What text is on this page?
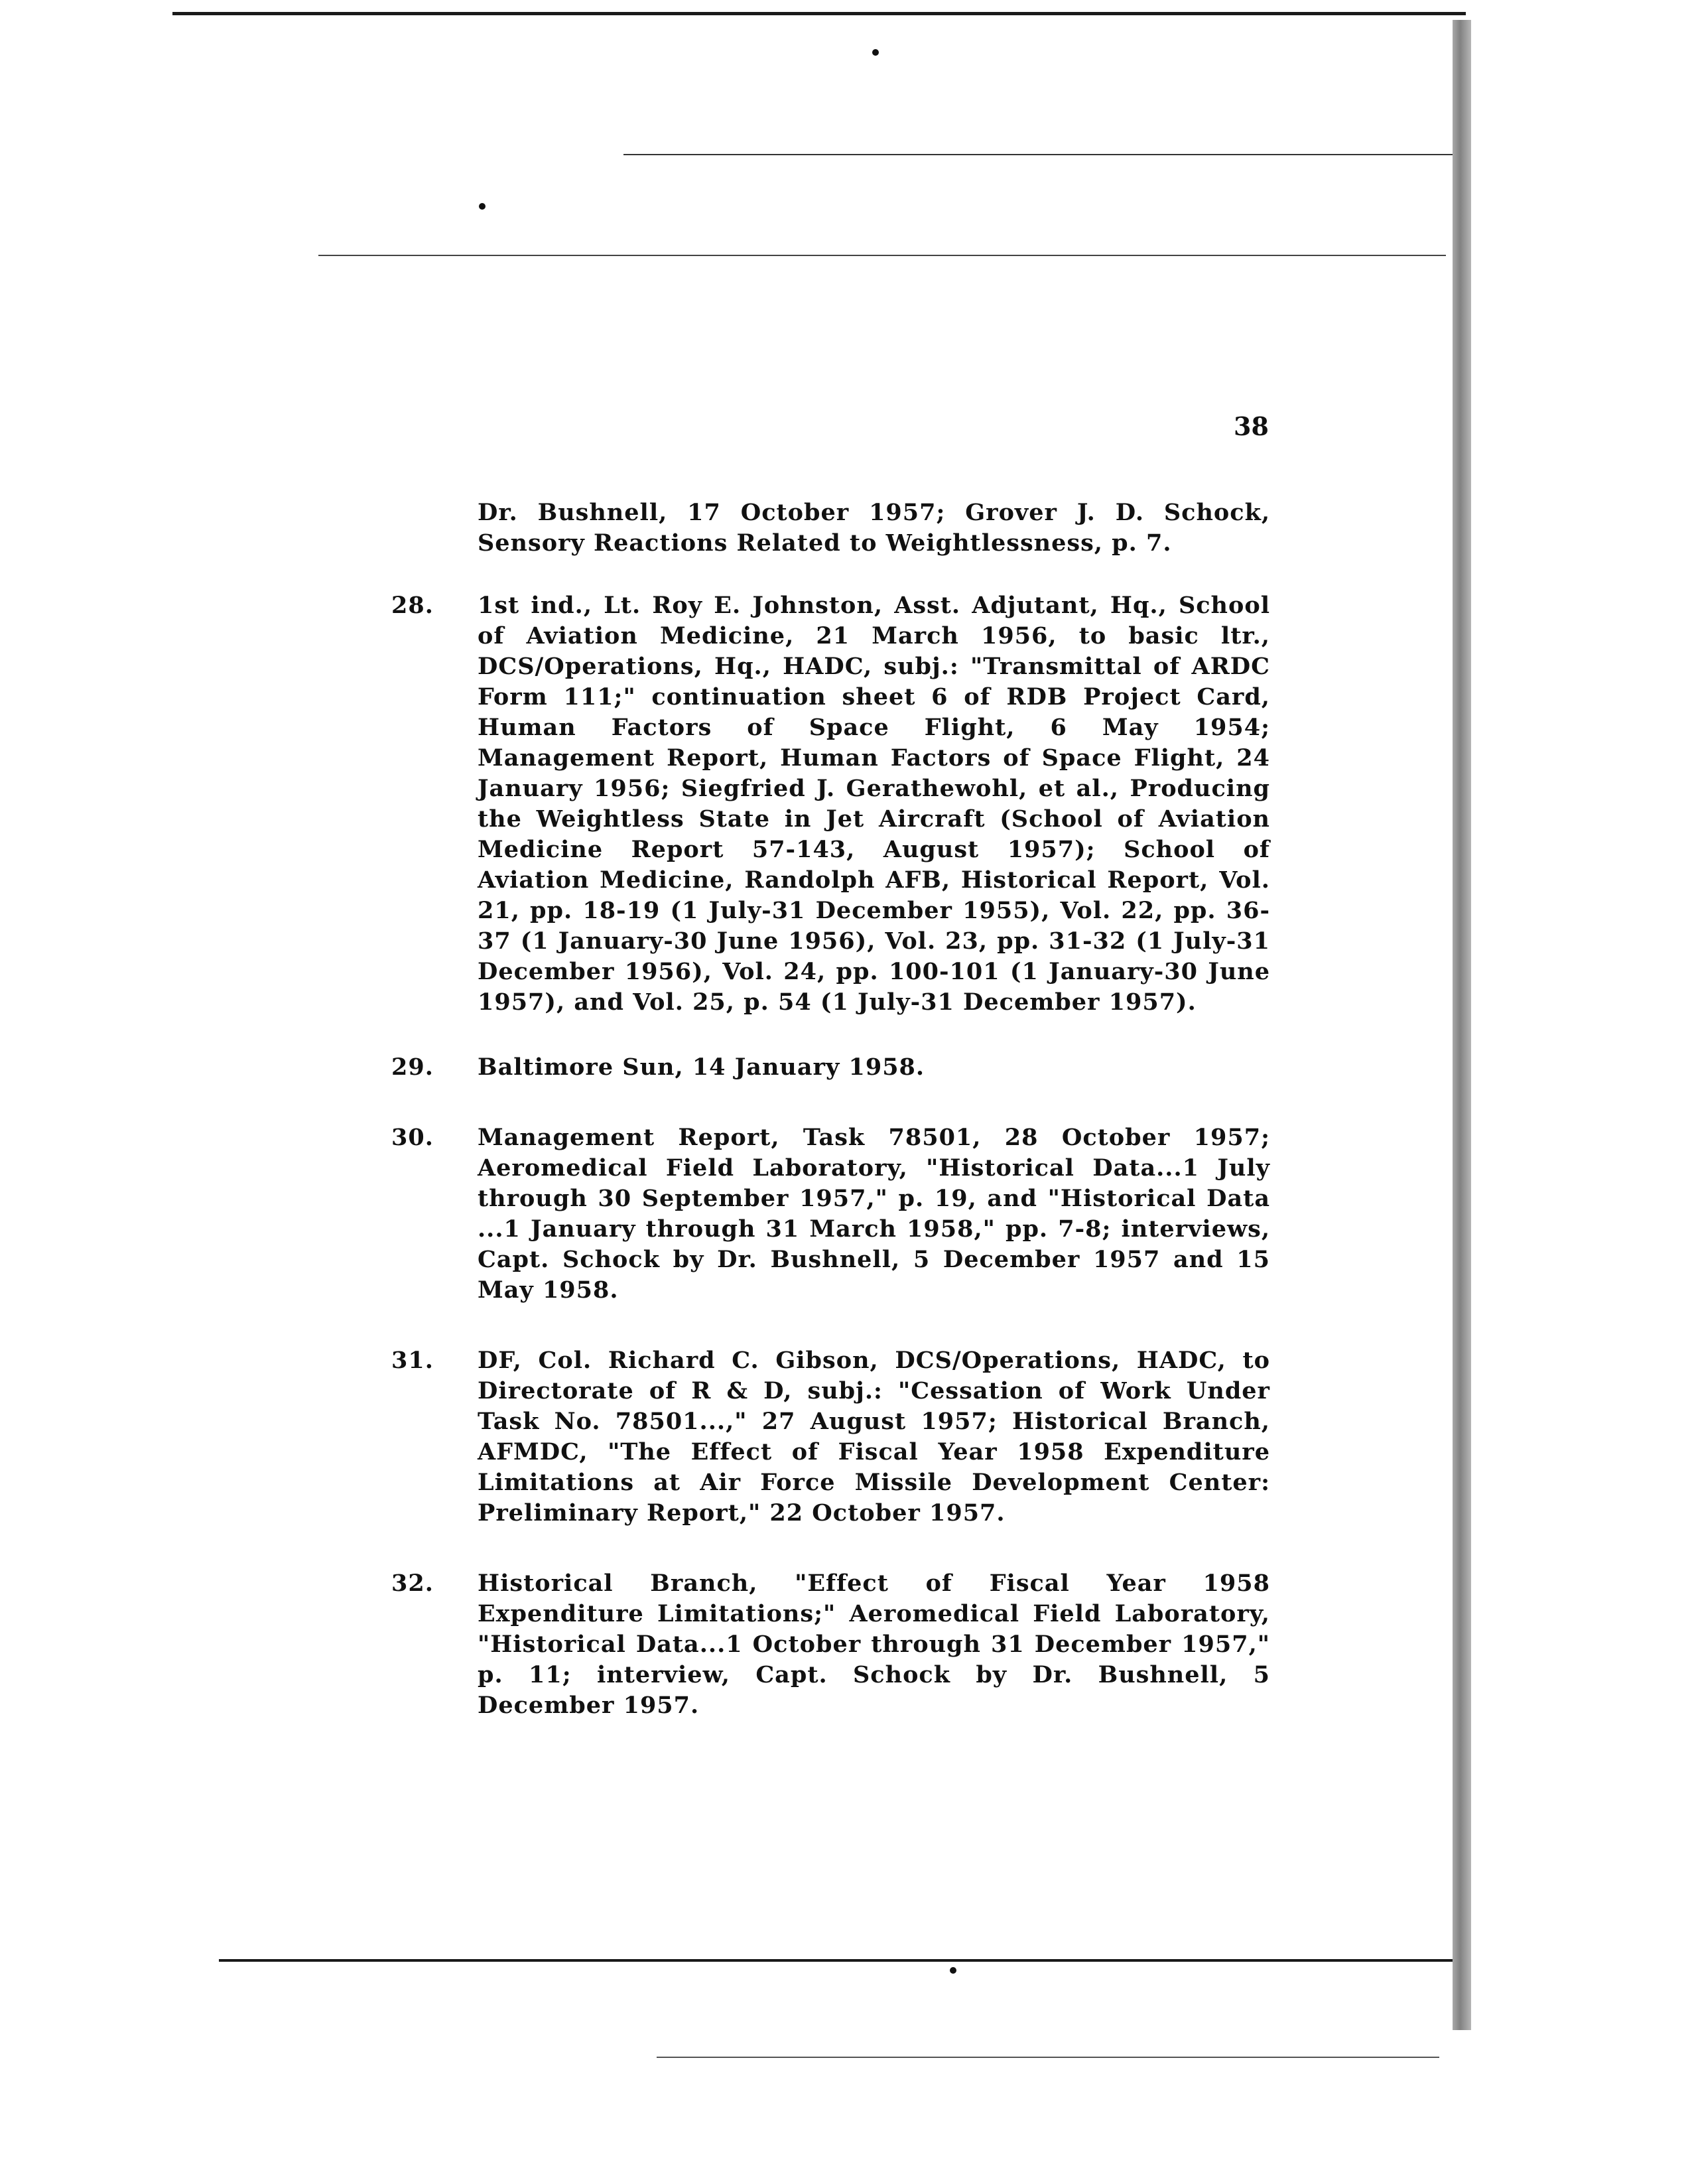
38
Dr. Bushnell, 17 October 1957; Grover J. D. Schock, Sensory Reactions Related to Weightlessness, p. 7.
28.	1st ind., Lt. Roy E. Johnston, Asst. Adjutant, Hq., School of Aviation Medicine, 21 March 1956, to basic ltr., DCS/Operations, Hq., HADC, subj.: "Transmittal of ARDC Form 111;" continuation sheet 6 of RDB Project Card, Human Factors of Space Flight, 6 May 1954; Management Report, Human Factors of Space Flight, 24 January 1956; Siegfried J. Gerathewohl, et al., Producing the Weightless State in Jet Aircraft (School of Aviation Medicine Report 57-143, August 1957); School of Aviation Medicine, Randolph AFB, Historical Report, Vol. 21, pp. 18-19 (1 July-31 December 1955), Vol. 22, pp. 36-37 (1 January-30 June 1956), Vol. 23, pp. 31-32 (1 July-31 December 1956), Vol. 24, pp. 100-101 (1 January-30 June 1957), and Vol. 25, p. 54 (1 July-31 December 1957).
29.	Baltimore Sun, 14 January 1958.
30.	Management Report, Task 78501, 28 October 1957; Aeromedical Field Laboratory, "Historical Data...1 July through 30 September 1957," p. 19, and "Historical Data ...1 January through 31 March 1958," pp. 7-8; interviews, Capt. Schock by Dr. Bushnell, 5 December 1957 and 15 May 1958.
31.	DF, Col. Richard C. Gibson, DCS/Operations, HADC, to Directorate of R & D, subj.: "Cessation of Work Under Task No. 78501...," 27 August 1957; Historical Branch, AFMDC, "The Effect of Fiscal Year 1958 Expenditure Limitations at Air Force Missile Development Center: Preliminary Report," 22 October 1957.
32.	Historical Branch, "Effect of Fiscal Year 1958 Expenditure Limitations;" Aeromedical Field Laboratory, "Historical Data...1 October through 31 December 1957," p. 11; interview, Capt. Schock by Dr. Bushnell, 5 December 1957.
